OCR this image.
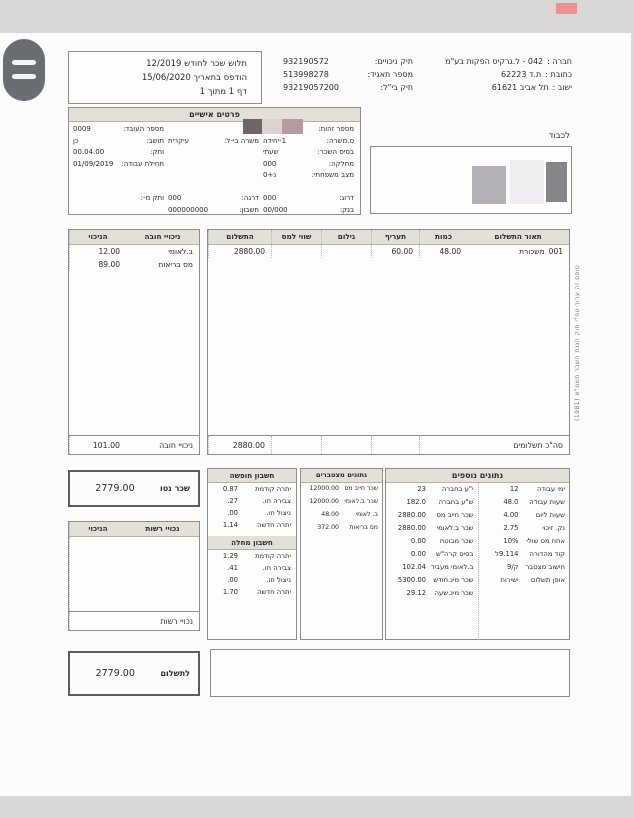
תלוש שכר לחודש 12/2019
הודפס בתאריך 15/06/2020
דף 1 מתוך 1
תיק ניכויים:
932190572
מספר תאגיד:
513998278
תיק בי"ל:
93219057200
חברה :
042 - ל.גרקיס הפקות בע"מ
כתובת :
ת.ד 62223
ישוב :
תל אביב 61621
לכבוד
פרטים אישיים
מספר זהות:
ס.משרה:
1-יחידה
בסיס השכר:
שעתי
מחלקה:
000
מצב משפחתי:
נ+0
דרוג:
000
בנק:
00/000
משרה בי-ל:
עיקרית
דרגה:
000
חשבון:
000000000
מספר העובד:
0009
תושב:
כן
ותק:
00.04.00
תחילת עבודה:
01/09/2019
ותק מ-:
תאור התשלום
כמות
תעריף
גילום
שווי למס
התשלום
001
משכורת
48.00
60.00
2880.00
סה"כ תשלומים
2880.00
טופס זה ערוך עפ"י חוק הגנת השכר תשמ"א (1981)
ניכויי חובה
הניכוי
ב.לאומי
12.00
מס בריאות
89.00
ניכויי חובה
101.00
נתונים נוספים
ימי עבודה
12
שעות עבודה
48.0
שעות ליום
4.00
נק. זיכוי
2.75
אחוז מס שולי
10%
קוד מהדורה
9.114ל
חישוב מצטבר
ק/9
אופן תשלום
ישירות
י"ע בחברה
23
ש"ע בחברה
182.0
שכר חייב מס
2880.00
שכר ב.לאומי
2880.00
שכר מבוטח
0.00
בסיס קרה"ש
0.00
ב.לאומי מעביד
102.04
שכר מינ.חודש
5300.00
שכר מינ.שעה
29.12
נתונים מצטברים
שכר חייב מס
12000.00
שכר ב.לאומי
12000.00
ב. לאומי
48.00
מס בריאות
372.00
חשבון חופשה
יתרה קודמת
0.87
צבירה חו.
.27
ניצול חו.
.00
יתרה חדשה
1.14
חשבון מחלה
יתרה קודמת
1.29
צבירה חו.
.41
ניצול חו.
.00
יתרה חדשה
1.70
שכר נטו
2779.00
נכויי רשות
הניכוי
נכויי רשות
לתשלום
2779.00
